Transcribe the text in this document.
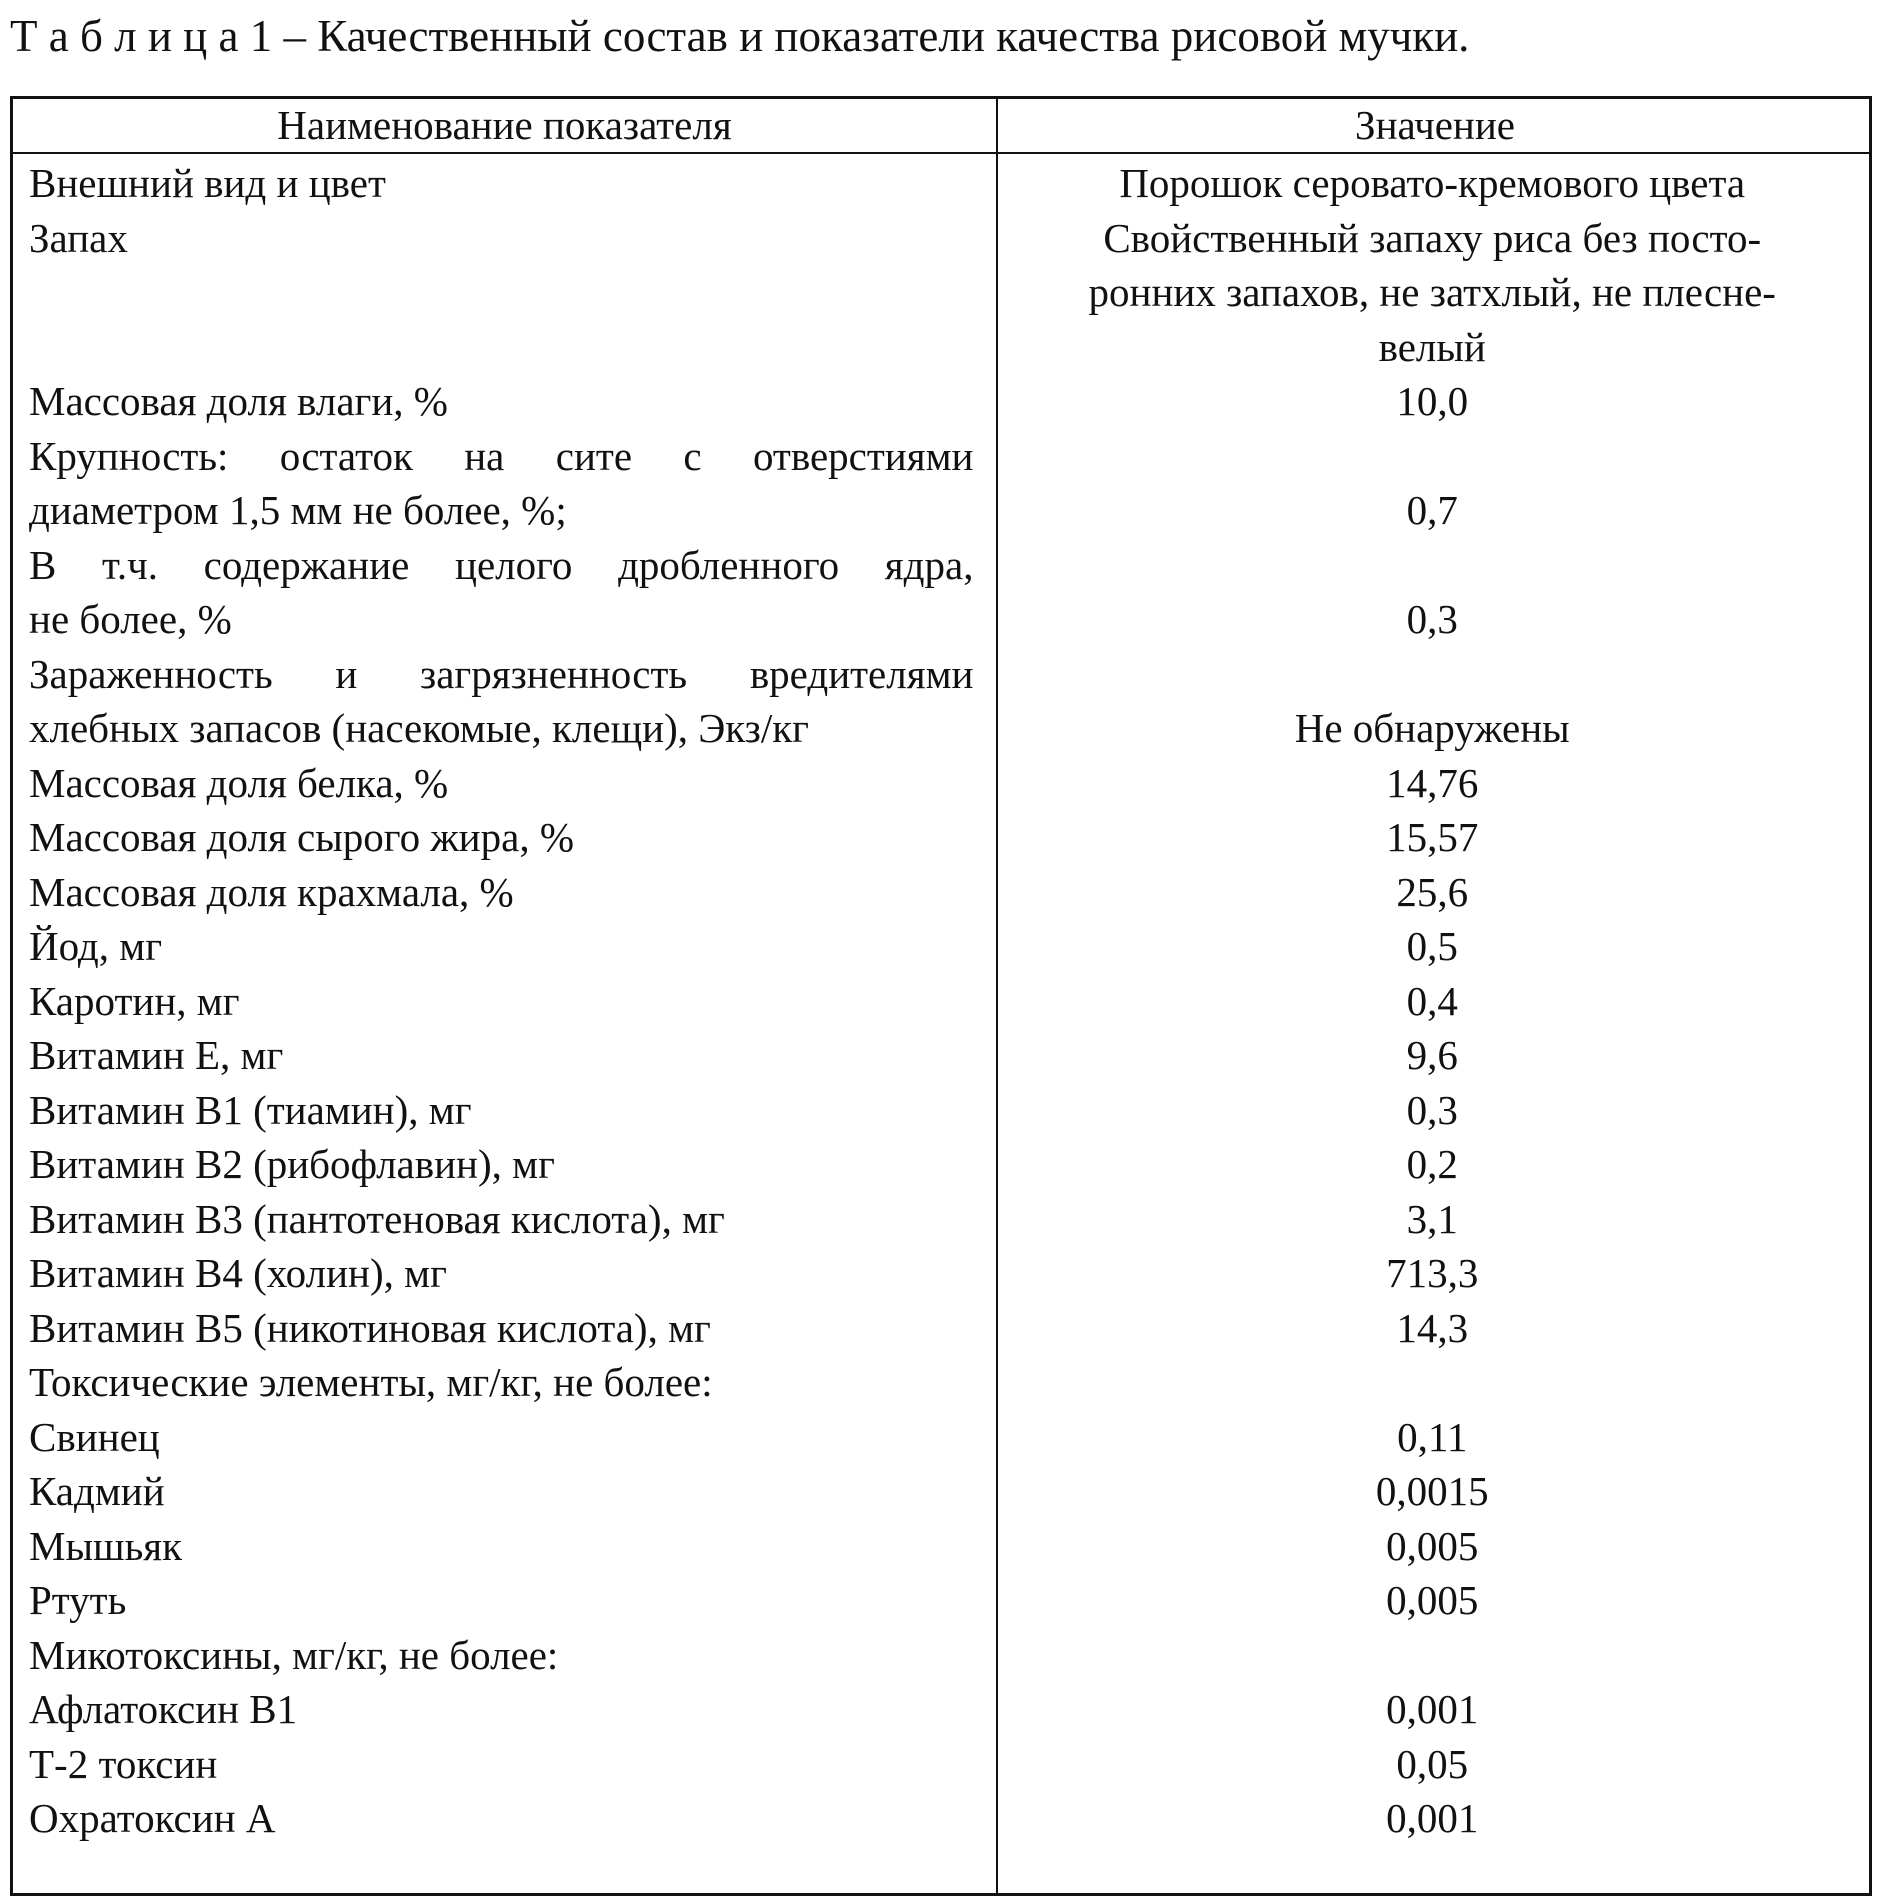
Т а б л и ц а 1 – Качественный состав и показатели качества рисовой мучки.
Наименование показателя	Значение
Внешний вид и цвет	Порошок серовато-кремового цвета
Запах	Свойственный запаху риса без посто-
ронних запахов, не затхлый, не плесне-
велый
Массовая доля влаги, %	10,0
Крупность: остаток на сите с отверстиями
диаметром 1,5 мм не более, %;	0,7
В т.ч. содержание целого дробленного ядра,
не более, %	0,3
Зараженность и загрязненность вредителями
хлебных запасов (насекомые, клещи), Экз/кг	Не обнаружены
Массовая доля белка, %	14,76
Массовая доля сырого жира, %	15,57
Массовая доля крахмала, %	25,6
Йод, мг	0,5
Каротин, мг	0,4
Витамин Е, мг	9,6
Витамин В1 (тиамин), мг	0,3
Витамин В2 (рибофлавин), мг	0,2
Витамин В3 (пантотеновая кислота), мг	3,1
Витамин В4 (холин), мг	713,3
Витамин В5 (никотиновая кислота), мг	14,3
Токсические элементы, мг/кг, не более:

Свинец	0,11
Кадмий	0,0015
Мышьяк	0,005
Ртуть	0,005
Микотоксины, мг/кг, не более:

Афлатоксин В1	0,001
Т-2 токсин	0,05
Охратоксин А	0,001
